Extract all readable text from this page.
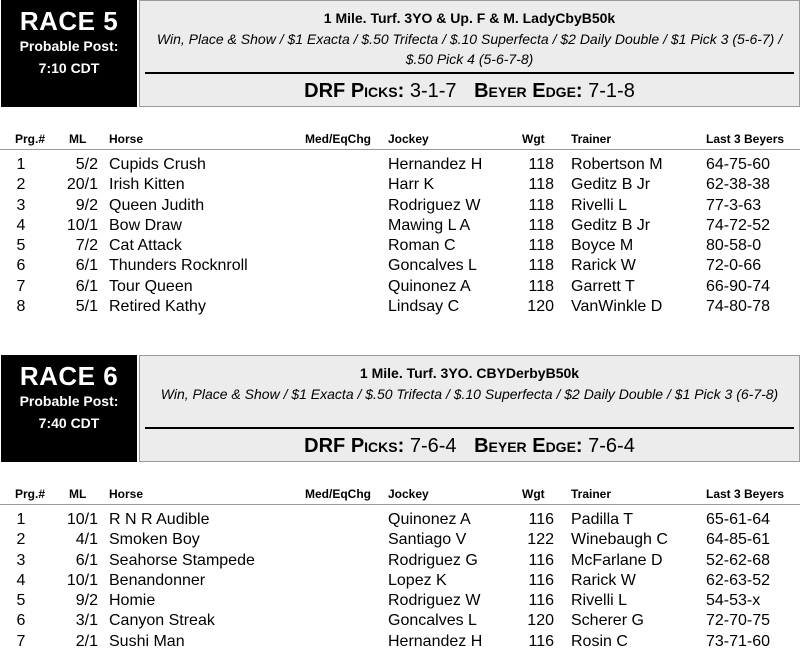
RACE 5
Probable Post:
7:10 CDT
1 Mile. Turf. 3YO & Up. F & M. LadyCbyB50k
Win, Place & Show / $1 Exacta / $.50 Trifecta / $.10 Superfecta / $2 Daily Double / $1 Pick 3 (5-6-7) / $.50 Pick 4 (5-6-7-8)
DRF Picks: 3-1-7 Beyer Edge: 7-1-8
Prg.# ML Horse	Med/EqChg Jockey	Wgt Trainer	Last 3 Beyers
1	5/2 Cupids Crush	Hernandez H	118 Robertson M	64-75-60
2	20/1 Irish Kitten	Harr K	118 Geditz B Jr	62-38-38
3	9/2 Queen Judith	Rodriguez W	118 Rivelli L	77-3-63
4	10/1 Bow Draw	Mawing L A	118 Geditz B Jr	74-72-52
5	7/2 Cat Attack	Roman C	118 Boyce M	80-58-0
6	6/1 Thunders Rocknroll	Goncalves L	118 Rarick W	72-0-66
7	6/1 Tour Queen	Quinonez A	118 Garrett T	66-90-74
8	5/1 Retired Kathy	Lindsay C	120 VanWinkle D	74-80-78
RACE 6
Probable Post:
7:40 CDT
1 Mile. Turf. 3YO. CBYDerbyB50k
Win, Place & Show / $1 Exacta / $.50 Trifecta / $.10 Superfecta / $2 Daily Double / $1 Pick 3 (6-7-8)
DRF Picks: 7-6-4 Beyer Edge: 7-6-4
Prg.# ML Horse	Med/EqChg Jockey	Wgt Trainer	Last 3 Beyers
1	10/1 R N R Audible	Quinonez A	116 Padilla T	65-61-64
2	4/1 Smoken Boy	Santiago V	122 Winebaugh C 64-85-61
3	6/1 Seahorse Stampede	Rodriguez G	116 McFarlane D	52-62-68
4	10/1 Benandonner	Lopez K	116 Rarick W	62-63-52
5	9/2 Homie	Rodriguez W	116 Rivelli L	54-53-x
6	3/1 Canyon Streak	Goncalves L	120 Scherer G	72-70-75
7	2/1 Sushi Man	Hernandez H	116 Rosin C	73-71-60
